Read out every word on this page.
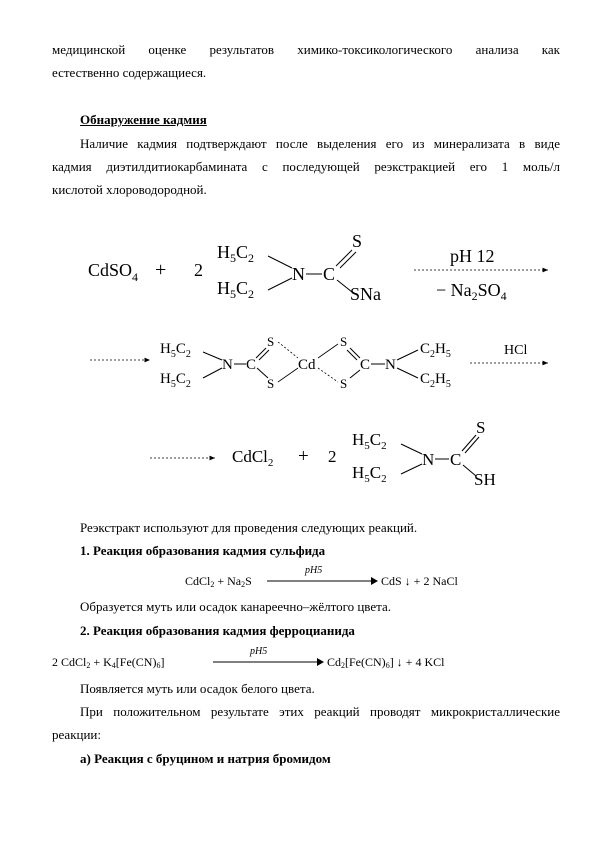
медицинской оценке результатов химико-токсикологического анализа как
естественно содержащиеся.
Обнаружение кадмия
Наличие кадмия подтверждают после выделения его из минерализата в виде
кадмия диэтилдитиокарбамината с последующей реэкстракцией его 1 моль/л
кислотой хлороводородной.
CdSO$_4$ + 2
$H_5C_2$
$H_5C_2$
N C
S
SNa
pH 12
− $Na_2SO_4$
$H_5C_2$
$H_5C_2$
N C
S
S
Cd
S
S
C N
$C_2H_5$
$C_2H_5$
HCl
CdCl$_2$ + 2
$H_5C_2$
$H_5C_2$
N C
S
SH
Реэкстракт используют для проведения следующих реакций.
1. Реакция образования кадмия сульфида
CdCl$_2$ + $Na_2S$
pH5
CdS ↓ + 2 NaCl
Образуется муть или осадок канареечно–жёлтого цвета.
2. Реакция образования кадмия ферроцианида
2 CdCl$_2$ + $K_4[Fe(CN)_6]$
pH5
$Cd_2[Fe(CN)_6]$ ↓ + 4 KCl
Появляется муть или осадок белого цвета.
При положительном результате этих реакций проводят микрокристаллические
реакции:
а) Реакция с бруцином и натрия бромидом
